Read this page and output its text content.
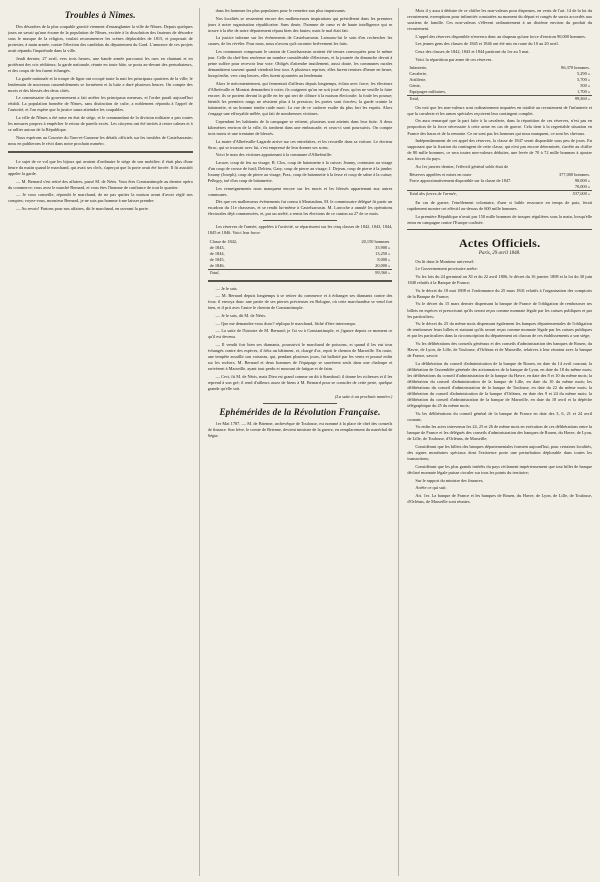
Troubles à Nîmes.

Des désordres de la plus coupable gravité viennent d'ensanglanter la ville de Nîmes. Depuis quelques jours on savait qu'une écume de la population de Nîmes, excitée à la dissolution des fauteurs de désordre sous le masque de la religion, voulait recommencer les scènes déplorables de 1815, et proposait de protester, à main armée, contre l'élection des candidats du département du Gard. L'annonce de ces projets avait répandu l'inquiétude dans la ville.

Jeudi dernier, 27 avril, vers trois heures, une bande armée parcourut les rues en chantant et en proférant des cris séditieux; la garde nationale, réunie en toute hâte, se porta au-devant des perturbateurs, et des coups de feu furent échangés.

La garde nationale et la troupe de ligne ont occupé toute la nuit les principaux quartiers de la ville; le lendemain de nouveaux rassemblements se formèrent et la lutte a duré plusieurs heures. On compte des morts et des blessés des deux côtés.

Le commissaire du gouvernement a fait arrêter les principaux meneurs, et l'ordre paraît aujourd'hui rétabli. La population honnête de Nîmes, sans distinction de culte, a noblement répondu à l'appel de l'autorité, et l'on espère que la justice saura atteindre les coupables.

La ville de Nîmes a été mise en état de siège, et le commandant de la division militaire a pris toutes les mesures propres à empêcher le retour de pareils excès. Les citoyens ont été invités à rester calmes et à se rallier autour de la République.

Nous espérons au Courrier du Tarn-et-Garonne les détails officiels sur les troubles de Castelsarrasin; nous en publierons le récit dans notre prochain numéro.

Le sujet de ce vol que les bijoux qui avaient d'ordinaire le siège de son mobilier; il était plus d'une heure du matin quand le marchand, qui avait ses clefs, s'aperçut que la porte avait été forcée. Il fit aussitôt appeler la garde.

— M. Bernard s'est retiré des affaires, passé M. de Néris. Vous êtes Constantinople au dernier opéra du commerce; vous avez le marché Bernard, et vous êtes l'homme de confiance de tout le quartier.

— Je vous conseille, répondit le marchand, de ne pas quitter la maison avant d'avoir réglé nos comptes; voyez-vous, monsieur Bernard, je ne suis pas homme à me laisser prendre.

— Au revoir! Partons pour nos affaires, dit le marchand, en ouvrant la porte.

dans les hommes les plus populaires pour le remettre aux plus impuissants.

Nos localités se ressentent encore des malheureuses inspirations qui présidèrent dans les premiers jours à notre organisation républicaine. Sans doute, l'homme de cœur et de haute intelligence qui se trouve à la tête de notre département répara bien des fautes; mais le mal était fait.

La justice informe sur les événements de Castelsarrasin. Laissons-lui le soin d'en rechercher les causes, de les révéler. Pour nous, nous n'avons qu'à raconter brièvement les faits.

Les communes composant le canton de Castelsarrasin avaient été tenues convoquées pour le même jour. Celle du chef-lieu renferme un nombre considérable d'électeurs, et la journée du dimanche devait à peine suffire pour recevoir leur vote. Obligés d'attendre inutilement, aussi doute, les communes rurales demandaient souvent quand viendrait leur tour. A plusieurs reprises, elles furent remises d'heure en heure, lorsqu'enfin, vers cinq heures, elles furent ajournées au lendemain.

Alors le mécontentement, qui fermentait d'ailleurs depuis longtemps, éclata avec force; les électeurs d'Albefeuille et Montrat demandent à voter; ils craignent qu'on ne soit joué d'eux, qu'on ne veuille la faire encore; ils se portent devant la grille en fer qui sert de clôture à la maison électorale; la foule les pousse; bientôt les premiers rangs ne résistent plus à la pression; les portes sont forcées; la garde crainte la baïonnette, et un homme tombe raide mort. La vue de ce cadavre exalte du plus fort les esprits. Alors s'engage une effroyable mêlée, qui fait de nombreuses victimes.

Cependant les habitants de la campagne se retirent, plusieurs sont atteints dans leur fuite. A deux kilomètres environ de la ville, ils tombent dans une embuscade, et ceux-ci sont poursuivis. On compte trois morts et une trentaine de blessés.

La maire d'Albefeuille-Lagarde arrive sur ces entrefaites, et les recueille dans sa voiture. Le docteur Sirac, qui se trouvait avec lui, s'est empressé de leur donner ses soins.

Voici le nom des victimes appartenant à la commune d'Albefeuille:

Lacaze, coup de feu au visage; B. Clos, coup de baïonnette à la cuisse; Jeanny, contusion au visage d'un coup de crosse de fusil; Delrieu, Gary, coup de pierre au visage; J. Dejean, coup de pierre à la jambe; Jouany (Joseph), coup de pierre au visage; Prax, coup de baïonnette à la fesse et coup de sabre à la cuisse; Pellegry, tué d'un coup de baïonnette.

Les renseignements nous manquent encore sur les morts et les blessés appartenant aux autres communes.

Dès que ces malheureux événements fut connu à Montauban, M. le commissaire délégué fit partir un escadron du 11e chasseurs, et se rendit lui-même à Castelsarrasin. M. Larroche a annulé les opérations électorales déjà commencées, et, par un arrêté, a remis les élections de ce canton au 27 de ce mois.

Les réserves de l'armée, appelées à l'activité, se répartissent sur les cinq classes de 1842, 1843, 1844, 1845 et 1846. Voici leur force:

Classe de 1842,	20,150 hommes.
de 1843,	35,900 »
de 1844,	13,250 »
de 1845,	8,000 »
de 1846,	20,000 »
Total,	99,360 »

— Je le sais.

— M. Bernard depuis longtemps à se retirer du commerce et à échanger ses diamants contre des écus: il envoya donc une partie de ses pierres précieuses en Bologne, où cette marchandise se vend fort bien, et il prit avec l'autre le chemin de Constantinople.

— Je le sais, dit M. de Néris.

— Que me demandez-vous donc? répliqua le marchand, fâché d'être interrompu.

— La suite de l'histoire de M. Bernard; je l'ai vu à Constantinople, et j'ignore depuis ce moment ce qu'il est devenu.

— Il vendit fort bien ses diamants, poursuivit le marchand de poissons, et quand il les eut tous échangés contre des espèces, il frêta un bâtiment, et, chargé d'or, reprit le chemin de Marseille. En route, une tempête assaillit son vaisseau, qui, pendant plusieurs jours, fut ballotté par les vents et poussé enfin sur les rochers. M. Bernard et deux hommes de l'équipage se sauvèrent seuls dans une chaloupe et arrivèrent à Marseille, ayant tout perdu et mourant de fatigue et de faim.

— Ceci, fit M. de Néris, mais Dieu est grand comme on dit à Stamboul; il donne les richesses et il les reprend à son gré; il rend d'ailleurs assez de biens à M. Bernard pour se consoler de cette perte, quelque grande qu'elle soit.

(La suite à un prochain numéro.)
Ephémérides de la Révolution Française.

1er Mai 1787. — M. de Brienne, archevêque de Toulouse, est nommé à la place de chef des conseils de finance. Son frère, le comte de Brienne, devient ministre de la guerre, en remplacement du maréchal de Ségur.

Mois il y aura à déduire de ce chiffre les non-valeurs pour dispenses, en vertu de l'art. 14 de la loi du recrutement, exemptions pour infirmités constatées au moment du départ et congés de sursis accordés aux soutiens de famille. Ces non-valeurs s'élèvent ordinairement à un dixième environ du produit du recrutement.

L'appel des réserves disponible n'enverra donc au drapeau qu'une force d'environ 90,000 hommes.

Les jeunes gens des classes de 1845 et 1846 ont été mis en route du 10 au 20 avril.

Ceux des classes de 1842, 1843 et 1844 partiront du 1er au 5 mai.

Voici la répartition par arme de ces réserves.

Infanterie,	86,370 hommes.
Cavalerie,	5,290 »
Artillerie,	5,700 »
Génie,	500 »
Equipages militaires,	1,700 »
Total,	99,560 »

On voit que les non-valeurs sont ordinairement imputées en totalité au recrutement de l'infanterie et que la cavalerie et les armes spéciales reçoivent leur contingent complet.

On aura remarqué que la part faite à la cavalerie, dans la répartition de ces réserves, n'est pas en proportion de la force nécessaire à cette arme en cas de guerre. Cela tient à la regrettable situation en France des haras et de la remonte. Ce ne sont pas les hommes qui nous manquent, ce sont les chevaux.

Indépendamment de cet appel des réserves, la classe de 1847 serait disponible sous peu de jours. En supposant que la fixation du contingent de cette classe, qui n'est pas encore déterminée, s'arrête au chiffre de 80 mille hommes, ce sera toutes non-valeurs déduites, une levée de 70 à 72 mille hommes à ajouter aux forces du pays.

Au 1er janvier dernier, l'effectif général solde était de

Réserves appelées et mises en route	377,000 hommes.
Force approximativement disponible sur la classe de 1847.	90,000 »
	70,000 »
Total des forces de l'armée,	537,000 »

En cas de guerre, l'enrôlement volontaire, d'une si faible ressource en temps de paix, ferait rapidement monter cet effectif au-dessus de 600 mille hommes.

La première République n'avait pas 150 mille hommes de troupes régulières sous la main, lorsqu'elle entra en campagne contre l'Europe coalisée.

Actes Officiels.
Paris, 29 avril 1848.

On lit dans le Moniteur universel:

Le Gouvernement provisoire arrête:

Vu les lois du 24 germinal an XI et du 22 avril 1806, le décret du 16 janvier 1808 et la loi du 30 juin 1840 relatifs à la Banque de France;

Vu le décret du 18 mai 1808 et l'ordonnance du 25 mars 1841 relatifs à l'organisation des comptoirs de la Banque de France;

Vu le décret du 15 mars dernier dispensant la banque de France de l'obligation de rembourser ses billets en espèces et prescrivant qu'ils seront reçus comme monnaie légale par les caisses publiques et par les particuliers;

Vu le décret du 25 du même mois dispensant également les banques départementales de l'obligation de rembourser leurs billets et statuant qu'ils seront reçus comme monnaie légale par les caisses publiques et par les particuliers dans la circonscription du département où chacun de ces établissements a son siège;

Vu les délibérations des conseils généraux et des conseils d'administration des banques de Rouen, du Havre, de Lyon, de Lille, de Toulouse, d'Orléans et de Marseille, relatives à leur réunion avec la banque de France, savoir:

La délibération du conseil d'administration de la banque de Rouen, en date du 14 avril courant; la délibération de l'assemblée générale des actionnaires de la banque de Lyon, en date du 18 du même mois; les délibérations du conseil d'administration de la banque du Havre, en date des 8 et 10 du même mois; la délibération du conseil d'administration de la banque de Lille, en date du 10 du même mois; les délibérations du conseil d'administration de la banque de Toulouse, en date du 22 du même mois; la délibération du conseil d'administration de la banque d'Orléans, en date des 9 et 24 du même mois; la délibération du conseil d'administration de la banque de Marseille, en date du 18 avril et la dépêche télégraphique du 25 du même mois;

Vu les délibérations du conseil général de la banque de France en date des 3, 6, 21 et 24 avril courant;

Vu enfin les actes intervenus les 24, 25 et 26 de même mois en exécution de ces délibérations entre la banque de France et les délégués des conseils d'administration des banques de Rouen, du Havre, de Lyon, de Lille, de Toulouse, d'Orléans, de Marseille;

Considérant que les billets des banques départementales forment aujourd'hui, pour certaines localités, des signes monétaires spéciaux dont l'existence porte une perturbation déplorable dans toutes les transactions;

Considérant que les plus grands intérêts du pays réclament impérieusement que tout billet de banque déclaré monnaie légale puisse circuler sur tous les points du territoire;

Sur le rapport du ministre des finances,

Arrête ce qui suit:

Art. 1er. La banque de France et les banques de Rouen, du Havre, de Lyon, de Lille, de Toulouse, d'Orléans, de Marseille sont réunies.
